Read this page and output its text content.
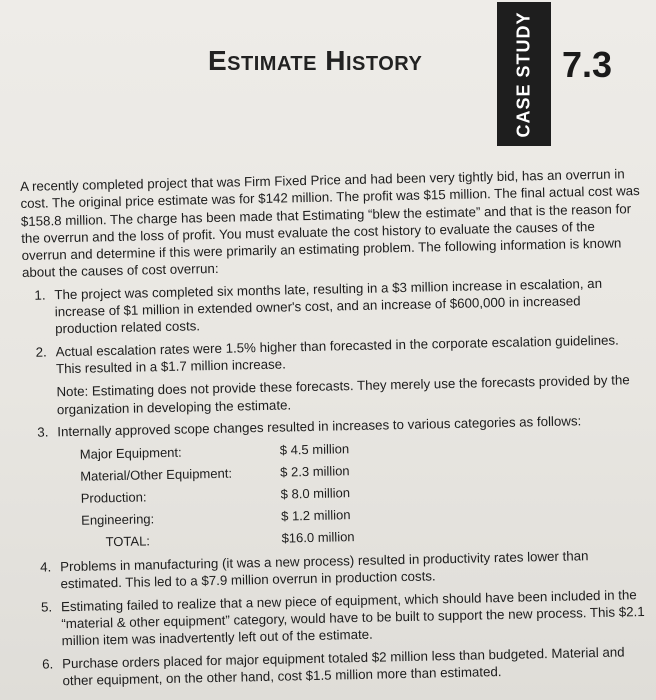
Estimate History	CASE STUDY 7.3

A recently completed project that was Firm Fixed Price and had been very tightly bid, has an overrun in cost. The original price estimate was for $142 million. The profit was $15 million. The final actual cost was $158.8 million. The charge has been made that Estimating “blew the estimate” and that is the reason for the overrun and the loss of profit. You must evaluate the cost history to evaluate the causes of the overrun and determine if this were primarily an estimating problem. The following information is known about the causes of cost overrun:

1. The project was completed six months late, resulting in a $3 million increase in escalation, an increase of $1 million in extended owner's cost, and an increase of $600,000 in increased production related costs.
2. Actual escalation rates were 1.5% higher than forecasted in the corporate escalation guidelines. This resulted in a $1.7 million increase.
Note: Estimating does not provide these forecasts. They merely use the forecasts provided by the organization in developing the estimate.
3. Internally approved scope changes resulted in increases to various categories as follows:
Major Equipment:	$ 4.5 million
Material/Other Equipment:	$ 2.3 million
Production:	$ 8.0 million
Engineering:	$ 1.2 million
TOTAL:	$16.0 million
4. Problems in manufacturing (it was a new process) resulted in productivity rates lower than estimated. This led to a $7.9 million overrun in production costs.
5. Estimating failed to realize that a new piece of equipment, which should have been included in the “material & other equipment” category, would have to be built to support the new process. This $2.1 million item was inadvertently left out of the estimate.
6. Purchase orders placed for major equipment totaled $2 million less than budgeted. Material and other equipment, on the other hand, cost $1.5 million more than estimated.
